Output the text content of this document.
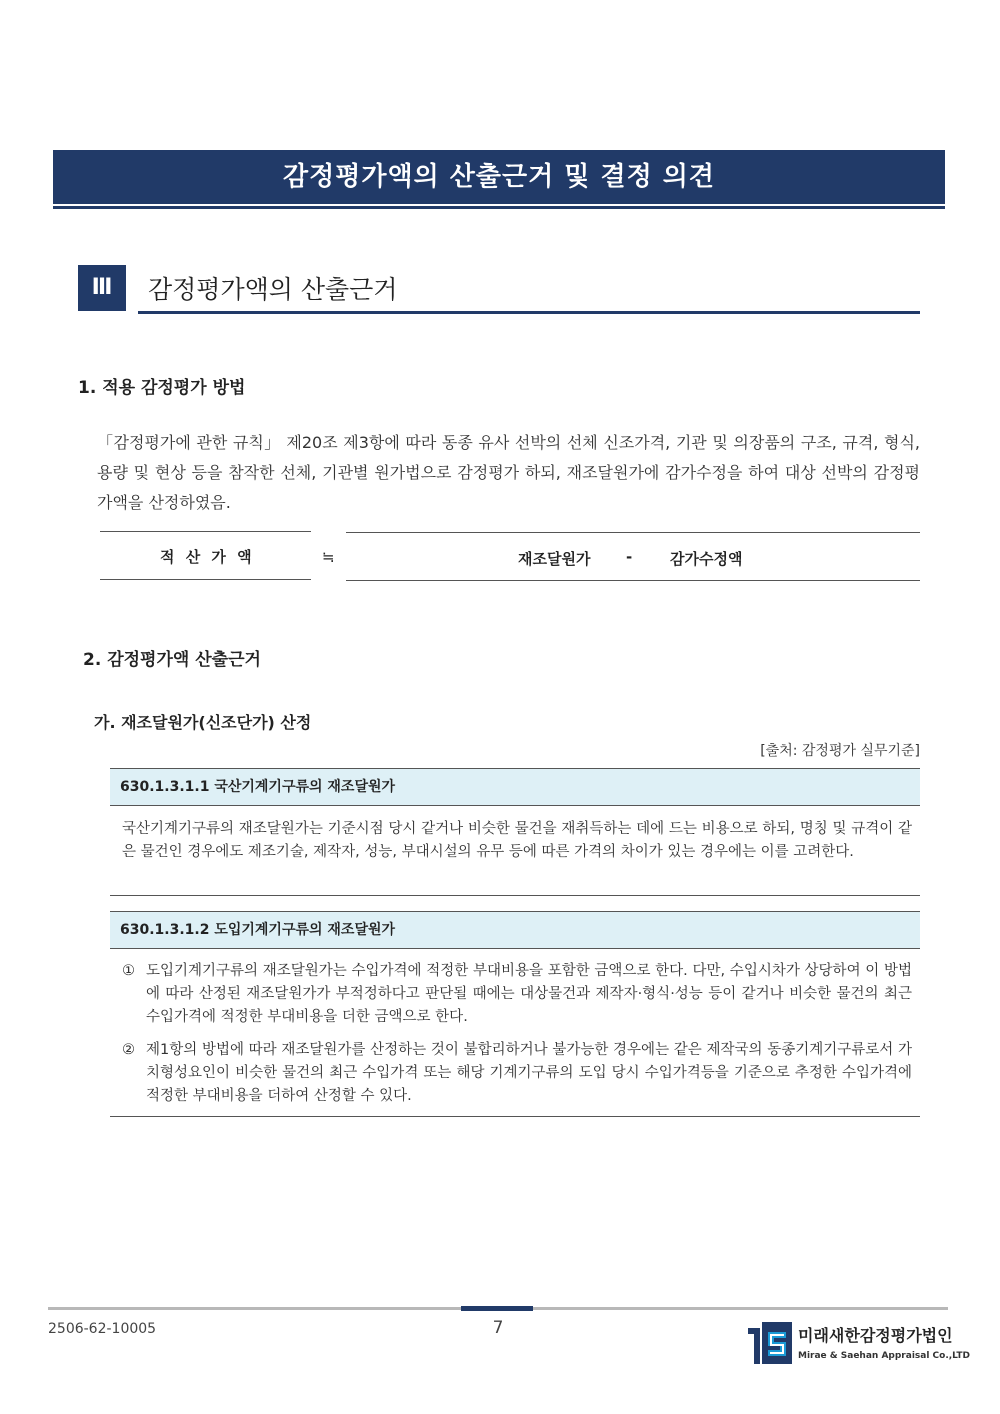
감정평가액의 산출근거 및 결정 의견
Ⅲ	감정평가액의 산출근거
1. 적용 감정평가 방법
「감정평가에 관한 규칙」 제20조 제3항에 따라 동종 유사 선박의 선체 신조가격, 기관 및 의장품의 구조, 규격, 형식, 용량 및 현상 등을 참작한 선체, 기관별 원가법으로 감정평가 하되, 재조달원가에 감가수정을 하여 대상 선박의 감정평가액을 산정하였음.
적 산 가 액	≒	재조달원가 -	감가수정액
2. 감정평가액 산출근거
가. 재조달원가(신조단가) 산정
[출처: 감정평가 실무기준]
630.1.3.1.1 국산기계기구류의 재조달원가
국산기계기구류의 재조달원가는 기준시점 당시 같거나 비슷한 물건을 재취득하는 데에 드는 비용으로 하되, 명칭 및 규격이 같은 물건인 경우에도 제조기술, 제작자, 성능, 부대시설의 유무 등에 따른 가격의 차이가 있는 경우에는 이를 고려한다.
630.1.3.1.2 도입기계기구류의 재조달원가
① 도입기계기구류의 재조달원가는 수입가격에 적정한 부대비용을 포함한 금액으로 한다. 다만, 수입시차가 상당하여 이 방법에 따라 산정된 재조달원가가 부적정하다고 판단될 때에는 대상물건과 제작자·형식·성능 등이 같거나 비슷한 물건의 최근 수입가격에 적정한 부대비용을 더한 금액으로 한다.
② 제1항의 방법에 따라 재조달원가를 산정하는 것이 불합리하거나 불가능한 경우에는 같은 제작국의 동종기계기구류로서 가치형성요인이 비슷한 물건의 최근 수입가격 또는 해당 기계기구류의 도입 당시 수입가격등을 기준으로 추정한 수입가격에 적정한 부대비용을 더하여 산정할 수 있다.
2506-62-10005	7	미래새한감정평가법인
Mirae & Saehan Appraisal Co.,LTD
